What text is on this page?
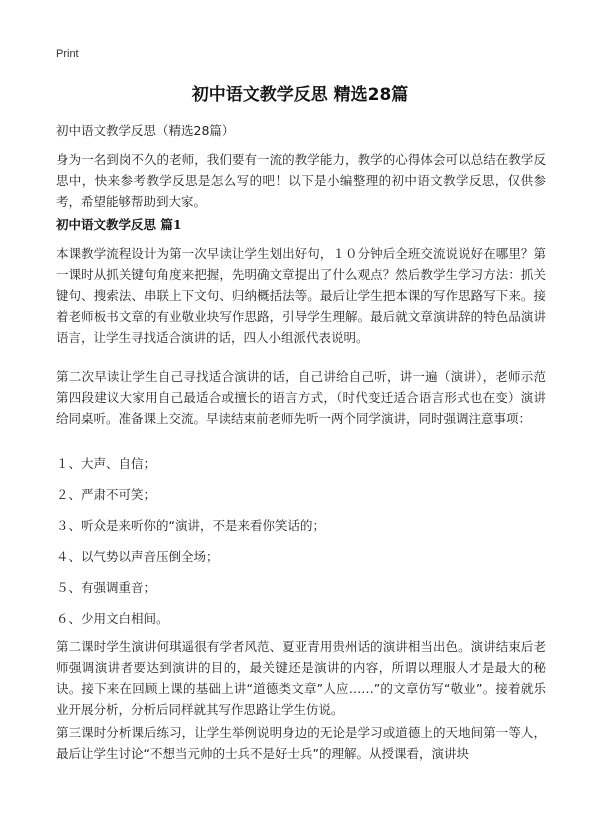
Print
初中语文教学反思 精选28篇
初中语文教学反思（精选28篇）

身为一名到岗不久的老师，我们要有一流的教学能力，教学的心得体会可以总结在教学反思中，快来参考教学反思是怎么写的吧！以下是小编整理的初中语文教学反思，仅供参考，希望能够帮助到大家。

初中语文教学反思 篇1

本课教学流程设计为第一次早读让学生划出好句，１０分钟后全班交流说说好在哪里？第一课时从抓关键句角度来把握，先明确文章提出了什么观点？然后教学生学习方法：抓关键句、搜索法、串联上下文句、归纳概括法等。最后让学生把本课的写作思路写下来。接着老师板书文章的有业敬业块写作思路，引导学生理解。最后就文章演讲辞的特色品演讲语言，让学生寻找适合演讲的话，四人小组派代表说明。

第二次早读让学生自己寻找适合演讲的话，自己讲给自己听，讲一遍（演讲），老师示范第四段建议大家用自己最适合或擅长的语言方式，（时代变迁适合语言形式也在变）演讲给同桌听。准备课上交流。早读结束前老师先听一两个同学演讲，同时强调注意事项：

１、大声、自信；
２、严肃不可笑；
３、听众是来听你的“演讲，不是来看你笑话的；
４、以气势以声音压倒全场；
５、有强调重音；
６、少用文白相间。

第二课时学生演讲何琪遥很有学者风范、夏亚青用贵州话的演讲相当出色。演讲结束后老师强调演讲者要达到演讲的目的，最关键还是演讲的内容，所谓以理服人才是最大的秘诀。接下来在回顾上课的基础上讲“道德类文章”人应……”的文章仿写“敬业”。接着就乐业开展分析，分析后同样就其写作思路让学生仿说。

第三课时分析课后练习，让学生举例说明身边的无论是学习或道德上的天地间第一等人，最后让学生讨论“不想当元帅的士兵不是好士兵”的理解。从授课看，演讲块
